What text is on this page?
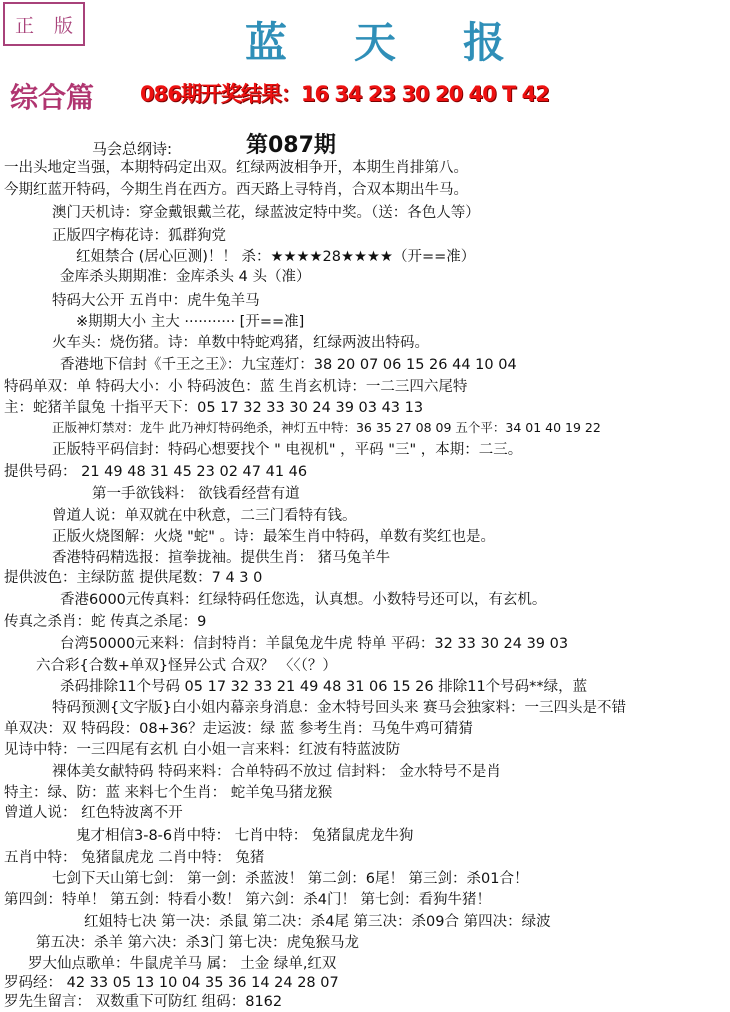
正 版	蓝 天 报
综合篇 086期开奖结果：16 34 23 30 20 40 T 42
马会总纲诗:	第087期
一出头地定当强，本期特码定出双。红绿两波相争开，本期生肖排第八。
今期红蓝开特码，今期生肖在西方。西天路上寻特肖，合双本期出牛马。
澳门天机诗：穿金戴银戴兰花，绿蓝波定特中奖。（送：各色人等）
正版四字梅花诗：狐群狗党
红姐禁合 (居心叵测)！！ 杀：★★★★28★★★★（开==准）
金库杀头期期准：金库杀头 4 头（准）
特码大公开 五肖中：虎牛兔羊马
※期期大小 主大 ··········· [开==准]
火车头：烧伤猪。诗：单数中特蛇鸡猪，红绿两波出特码。
香港地下信封《千王之王》：九宝莲灯：38 20 07 06 15 26 44 10 04
特码单双：单 特码大小：小 特码波色：蓝 生肖玄机诗：一二三四六尾特
主：蛇猪羊鼠兔 十指平天下：05 17 32 33 30 24 39 03 43 13
正版神灯禁对：龙牛 此乃神灯特码绝杀，神灯五中特：36 35 27 08 09 五个平：34 01 40 19 22
正版特平码信封：特码心想要找个 " 电视机" ，平码 "三" ，本期：二三。
提供号码： 21 49 48 31 45 23 02 47 41 46
第一手欲钱料： 欲钱看经营有道
曾道人说：单双就在中秋意，二三门看特有钱。
正版火烧图解：火烧 "蛇" 。诗：最笨生肖中特码，单数有奖红也是。
香港特码精选报：揎拳拢袖。提供生肖： 猪马兔羊牛
提供波色：主绿防蓝 提供尾数：7 4 3 0
香港6000元传真料：红绿特码任您选，认真想。小数特号还可以，有玄机。
传真之杀肖：蛇 传真之杀尾：9
台湾50000元来料：信封特肖：羊鼠兔龙牛虎 特单 平码：32 33 30 24 39 03
六合彩{合数+单双}怪异公式 合双？ 〈〈（？）
杀码排除11个号码 05 17 32 33 21 49 48 31 06 15 26 排除11个号码**绿，蓝
特码预测{文字版}白小姐内幕亲身消息：金木特号回头来 赛马会独家料：一三四头是不错
单双决：双 特码段：08+36？走运波：绿 蓝 参考生肖：马兔牛鸡可猜猜
见诗中特：一三四尾有玄机 白小姐一言来料：红波有特蓝波防
裸体美女献特码 特码来料：合单特码不放过 信封料： 金水特号不是肖
特主：绿、防：蓝 来料七个生肖： 蛇羊兔马猪龙猴
曾道人说： 红色特波离不开
鬼才相信3-8-6肖中特： 七肖中特： 兔猪鼠虎龙牛狗
五肖中特： 兔猪鼠虎龙 二肖中特： 兔猪
七剑下天山第七剑： 第一剑：杀蓝波！ 第二剑：6尾！ 第三剑：杀01合！
第四剑：特单！ 第五剑：特看小数！ 第六剑：杀4门！ 第七剑：看狗牛猪！
红姐特七决 第一决：杀鼠 第二决：杀4尾 第三决：杀09合 第四决：绿波
第五决：杀羊 第六决：杀3门 第七决：虎兔猴马龙
罗大仙点歌单：牛鼠虎羊马 属： 土金 绿单,红双
罗码经： 42 33 05 13 10 04 35 36 14 24 28 07
罗先生留言： 双数重下可防红 组码：8162
